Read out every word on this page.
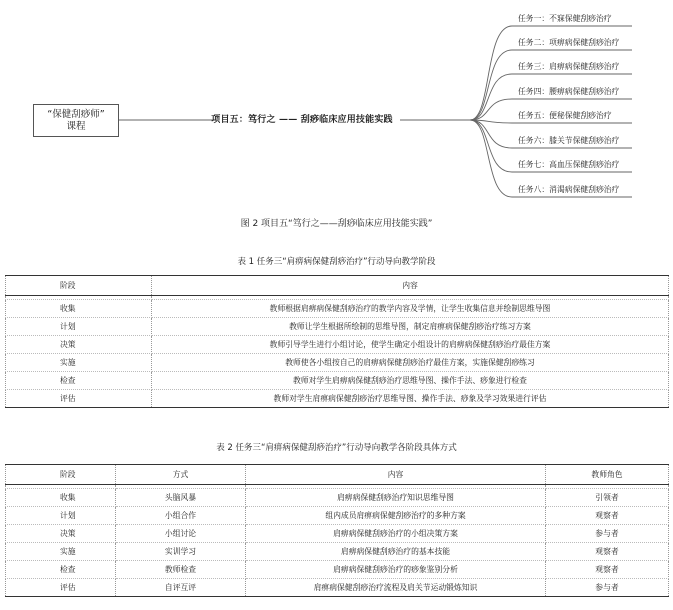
“保健刮痧师”
课程
项目五：笃行之 —— 刮痧临床应用技能实践
任务一：不寐保健刮痧治疗
任务二：项痹病保健刮痧治疗
任务三：肩痹病保健刮痧治疗
任务四：腰痹病保健刮痧治疗
任务五：便秘保健刮痧治疗
任务六：膝关节保健刮痧治疗
任务七：高血压保健刮痧治疗
任务八：消渴病保健刮痧治疗
图 2 项目五“笃行之——刮痧临床应用技能实践”
表 1 任务三“肩痹病保健刮痧治疗”行动导向教学阶段
阶段	内容

收集	教师根据肩痹病保健刮痧治疗的教学内容及学情，让学生收集信息并绘制思维导图
计划	教师让学生根据所绘制的思维导图，制定肩痹病保健刮痧治疗练习方案
决策	教师引导学生进行小组讨论，使学生确定小组设计的肩痹病保健刮痧治疗最佳方案
实施	教师使各小组按自己的肩痹病保健刮痧治疗最佳方案，实施保健刮痧练习
检查	教师对学生肩痹病保健刮痧治疗思维导图、操作手法、痧象进行检查
评估	教师对学生肩痹病保健刮痧治疗思维导图、操作手法、痧象及学习效果进行评估
表 2 任务三“肩痹病保健刮痧治疗”行动导向教学各阶段具体方式
阶段	方式	内容	教师角色

收集	头脑风暴	肩痹病保健刮痧治疗知识思维导图	引领者
计划	小组合作	组内成员肩痹病保健刮痧治疗的多种方案	观察者
决策	小组讨论	肩痹病保健刮痧治疗的小组决策方案	参与者
实施	实训学习	肩痹病保健刮痧治疗的基本技能	观察者
检查	教师检查	肩痹病保健刮痧治疗的痧象鉴别分析	观察者
评估	自评互评	肩痹病保健刮痧治疗流程及肩关节运动锻炼知识	参与者
